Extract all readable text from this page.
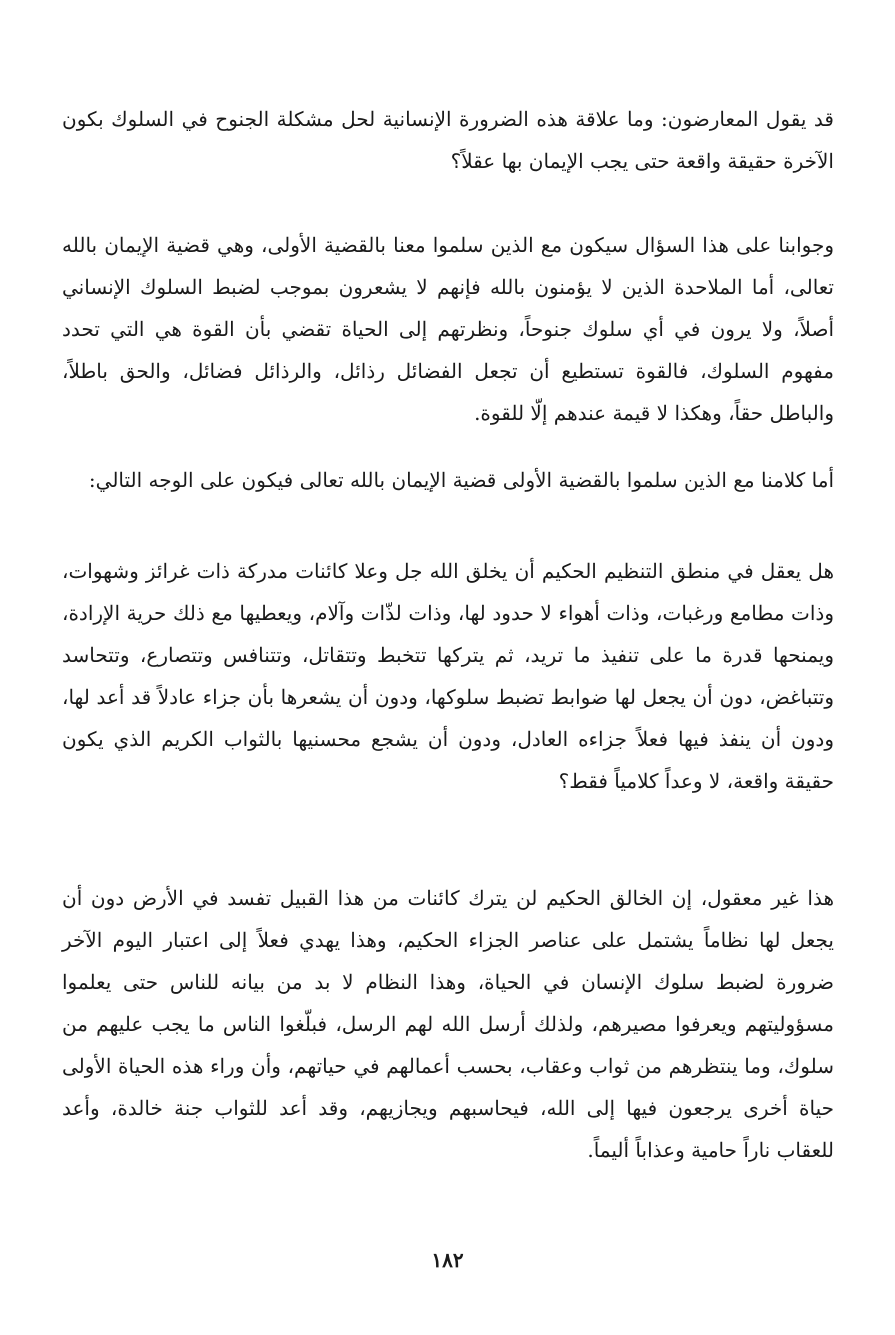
قد يقول المعارضون: وما علاقة هذه الضرورة الإنسانية لحل مشكلة الجنوح في السلوك بكون الآخرة حقيقة واقعة حتى يجب الإيمان بها عقلاً؟

وجوابنا على هذا السؤال سيكون مع الذين سلموا معنا بالقضية الأولى، وهي قضية الإيمان بالله تعالى، أما الملاحدة الذين لا يؤمنون بالله فإنهم لا يشعرون بموجب لضبط السلوك الإنساني أصلاً، ولا يرون في أي سلوك جنوحاً، ونظرتهم إلى الحياة تقضي بأن القوة هي التي تحدد مفهوم السلوك، فالقوة تستطيع أن تجعل الفضائل رذائل، والرذائل فضائل، والحق باطلاً، والباطل حقاً، وهكذا لا قيمة عندهم إلّا للقوة.

أما كلامنا مع الذين سلموا بالقضية الأولى قضية الإيمان بالله تعالى فيكون على الوجه التالي:

هل يعقل في منطق التنظيم الحكيم أن يخلق الله جل وعلا كائنات مدركة ذات غرائز وشهوات، وذات مطامع ورغبات، وذات أهواء لا حدود لها، وذات لذّات وآلام، ويعطيها مع ذلك حرية الإرادة، ويمنحها قدرة ما على تنفيذ ما تريد، ثم يتركها تتخبط وتتقاتل، وتتنافس وتتصارع، وتتحاسد وتتباغض، دون أن يجعل لها ضوابط تضبط سلوكها، ودون أن يشعرها بأن جزاء عادلاً قد أعد لها، ودون أن ينفذ فيها فعلاً جزاءه العادل، ودون أن يشجع محسنيها بالثواب الكريم الذي يكون حقيقة واقعة، لا وعداً كلامياً فقط؟

هذا غير معقول، إن الخالق الحكيم لن يترك كائنات من هذا القبيل تفسد في الأرض دون أن يجعل لها نظاماً يشتمل على عناصر الجزاء الحكيم، وهذا يهدي فعلاً إلى اعتبار اليوم الآخر ضرورة لضبط سلوك الإنسان في الحياة، وهذا النظام لا بد من بيانه للناس حتى يعلموا مسؤوليتهم ويعرفوا مصيرهم، ولذلك أرسل الله لهم الرسل، فبلّغوا الناس ما يجب عليهم من سلوك، وما ينتظرهم من ثواب وعقاب، بحسب أعمالهم في حياتهم، وأن وراء هذه الحياة الأولى حياة أخرى يرجعون فيها إلى الله، فيحاسبهم ويجازيهم، وقد أعد للثواب جنة خالدة، وأعد للعقاب ناراً حامية وعذاباً أليماً.

١٨٢
